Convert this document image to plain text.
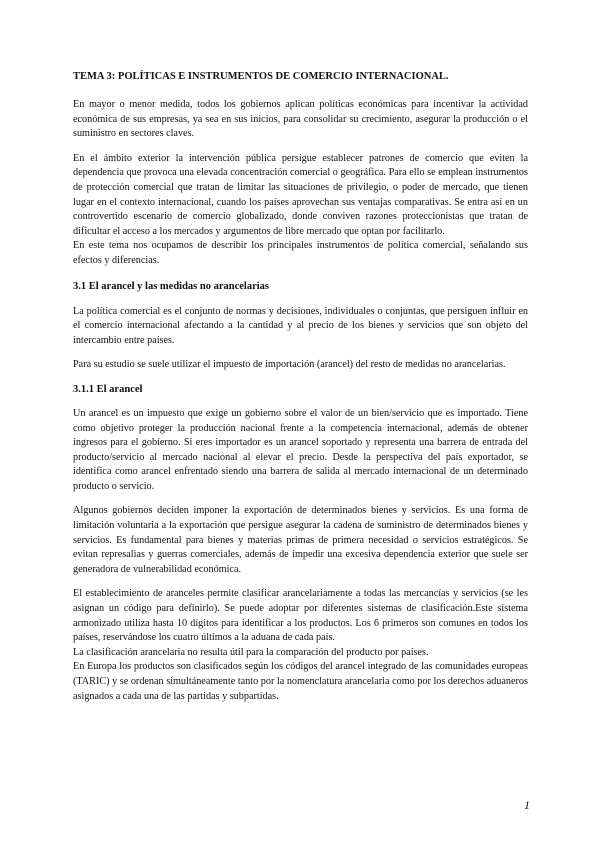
TEMA 3: POLÍTICAS E INSTRUMENTOS DE COMERCIO INTERNACIONAL.

En mayor o menor medida, todos los gobiernos aplican políticas económicas para incentivar la actividad económica de sus empresas, ya sea en sus inicios, para consolidar su crecimiento, asegurar la producción o el suministro en sectores claves.

En el ámbito exterior la intervención pública persigue establecer patrones de comercio que eviten la dependencia que provoca una elevada concentración comercial o geográfica. Para ello se emplean instrumentos de protección comercial que tratan de limitar las situaciones de privilegio, o poder de mercado, que tienen lugar en el contexto internacional, cuando los países aprovechan sus ventajas comparativas. Se entra así en un controvertido escenario de comercio globalizado, donde conviven razones proteccionistas que tratan de dificultar el acceso a los mercados y argumentos de libre mercado que optan por facilitarlo.

En este tema nos ocupamos de describir los principales instrumentos de política comercial, señalando sus efectos y diferencias.

3.1 El arancel y las medidas no arancelarias

La política comercial es el conjunto de normas y decisiones, individuales o conjuntas, que persiguen influir en el comercio internacional afectando a la cantidad y al precio de los bienes y servicios que son objeto del intercambio entre países.

Para su estudio se suele utilizar el impuesto de importación (arancel) del resto de medidas no arancelarias.

3.1.1 El arancel

Un arancel es un impuesto que exige un gobierno sobre el valor de un bien/servicio que es importado. Tiene como objetivo proteger la producción nacional frente a la competencia internacional, además de obtener ingresos para el gobierno. Si eres importador es un arancel soportado y representa una barrera de entrada del producto/servicio al mercado nacional al elevar el precio. Desde la perspectiva del país exportador, se identifica como arancel enfrentado siendo una barrera de salida al mercado internacional de un determinado producto o servicio.

Algunos gobiernos deciden imponer la exportación de determinados bienes y servicios. Es una forma de limitación voluntaria a la exportación que persigue asegurar la cadena de suministro de determinados bienes y servicios. Es fundamental para bienes y materias primas de primera necesidad o servicios estratégicos. Se evitan represalias y guerras comerciales, además de impedir una excesiva dependencia exterior que suele ser generadora de vulnerabilidad económica.

El establecimiento de aranceles permite clasificar arancelariamente a todas las mercancías y servicios (se les asignan un código para definirlo). Se puede adoptar por diferentes sistemas de clasificación.Este sistema armonizado utiliza hasta 10 dígitos para identificar a los productos. Los 6 primeros son comunes en todos los países, reservándose los cuatro últimos a la aduana de cada país.

La clasificación arancelaria no resulta útil para la comparación del producto por países.

En Europa los productos son clasificados según los códigos del arancel integrado de las comunidades europeas (TARIC) y se ordenan simultáneamente tanto por la nomenclatura arancelaria como por los derechos aduaneros asignados a cada una de las partidas y subpartidas.

1
